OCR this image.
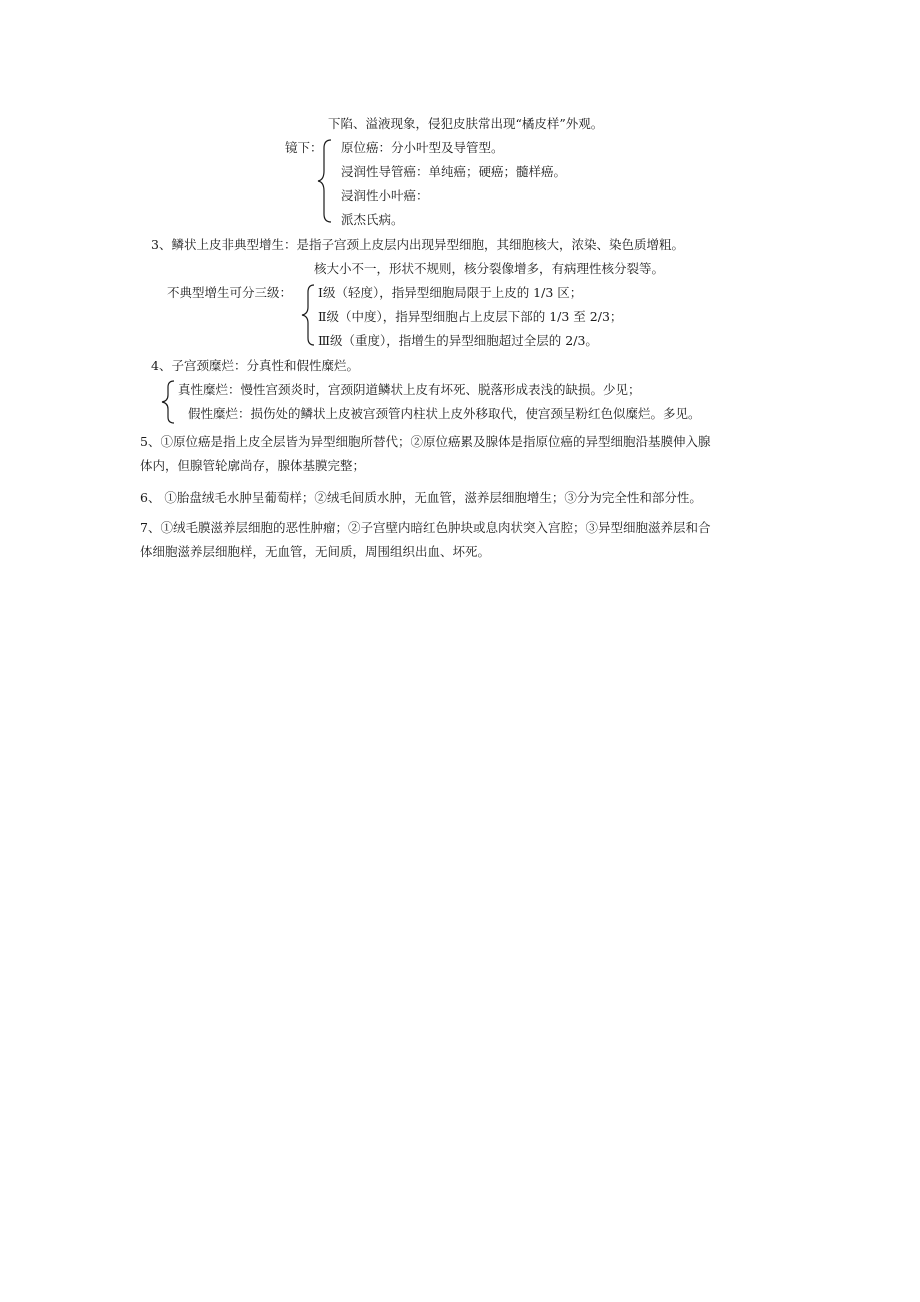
下陷、溢液现象，侵犯皮肤常出现“橘皮样”外观。
镜下： 原位癌：分小叶型及导管型。
浸润性导管癌：单纯癌；硬癌；髓样癌。
浸润性小叶癌：
派杰氏病。
3、鳞状上皮非典型增生：是指子宫颈上皮层内出现异型细胞，其细胞核大，浓染、染色质增粗。
核大小不一，形状不规则，核分裂像增多，有病理性核分裂等。
不典型增生可分三级： Ⅰ级（轻度），指异型细胞局限于上皮的 1/3 区；
Ⅱ级（中度），指异型细胞占上皮层下部的 1/3 至 2/3；
Ⅲ级（重度），指增生的异型细胞超过全层的 2/3。
4、子宫颈糜烂：分真性和假性糜烂。
真性糜烂：慢性宫颈炎时，宫颈阴道鳞状上皮有坏死、脱落形成表浅的缺损。少见；
假性糜烂：损伤处的鳞状上皮被宫颈管内柱状上皮外移取代，使宫颈呈粉红色似糜烂。多见。
5、①原位癌是指上皮全层皆为异型细胞所替代；②原位癌累及腺体是指原位癌的异型细胞沿基膜伸入腺
体内，但腺管轮廓尚存，腺体基膜完整；
6、 ①胎盘绒毛水肿呈葡萄样；②绒毛间质水肿，无血管，滋养层细胞增生；③分为完全性和部分性。
7、①绒毛膜滋养层细胞的恶性肿瘤；②子宫壁内暗红色肿块或息肉状突入宫腔；③异型细胞滋养层和合
体细胞滋养层细胞样，无血管，无间质，周围组织出血、坏死。
